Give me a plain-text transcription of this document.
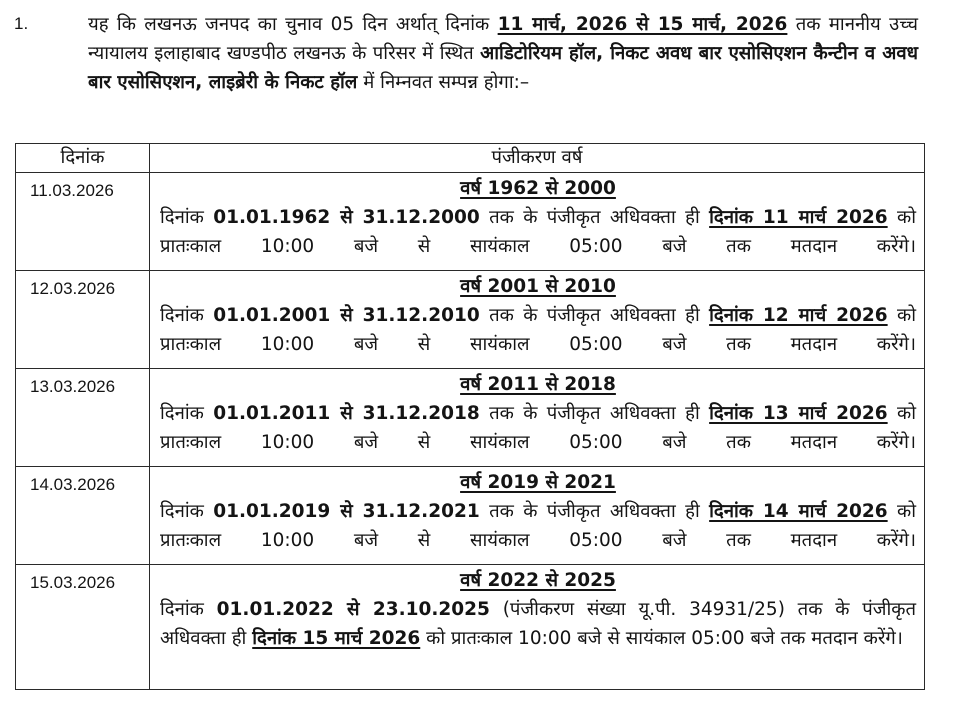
1.	यह कि लखनऊ जनपद का चुनाव 05 दिन अर्थात् दिनांक 11 मार्च, 2026 से 15 मार्च, 2026 तक माननीय उच्च न्यायालय इलाहाबाद खण्डपीठ लखनऊ के परिसर में स्थित आडिटोरियम हॉल, निकट अवध बार एसोसिएशन कैन्टीन व अवध बार एसोसिएशन, लाइब्रेरी के निकट हॉल में निम्नवत सम्पन्न होगा:–
दिनांक	पंजीकरण वर्ष
11.03.2026	वर्ष 1962 से 2000
दिनांक 01.01.1962 से 31.12.2000 तक के पंजीकृत अधिवक्ता ही दिनांक 11 मार्च 2026 को प्रातःकाल 10:00 बजे से सायंकाल 05:00 बजे तक मतदान करेंगे।

12.03.2026	वर्ष 2001 से 2010
दिनांक 01.01.2001 से 31.12.2010 तक के पंजीकृत अधिवक्ता ही दिनांक 12 मार्च 2026 को प्रातःकाल 10:00 बजे से सायंकाल 05:00 बजे तक मतदान करेंगे।

13.03.2026	वर्ष 2011 से 2018
दिनांक 01.01.2011 से 31.12.2018 तक के पंजीकृत अधिवक्ता ही दिनांक 13 मार्च 2026 को प्रातःकाल 10:00 बजे से सायंकाल 05:00 बजे तक मतदान करेंगे।

14.03.2026	वर्ष 2019 से 2021
दिनांक 01.01.2019 से 31.12.2021 तक के पंजीकृत अधिवक्ता ही दिनांक 14 मार्च 2026 को प्रातःकाल 10:00 बजे से सायंकाल 05:00 बजे तक मतदान करेंगे।

15.03.2026	वर्ष 2022 से 2025
दिनांक 01.01.2022 से 23.10.2025 (पंजीकरण संख्या यू.पी. 34931/25) तक के पंजीकृत अधिवक्ता ही दिनांक 15 मार्च 2026 को प्रातःकाल 10:00 बजे से सायंकाल 05:00 बजे तक मतदान करेंगे।
